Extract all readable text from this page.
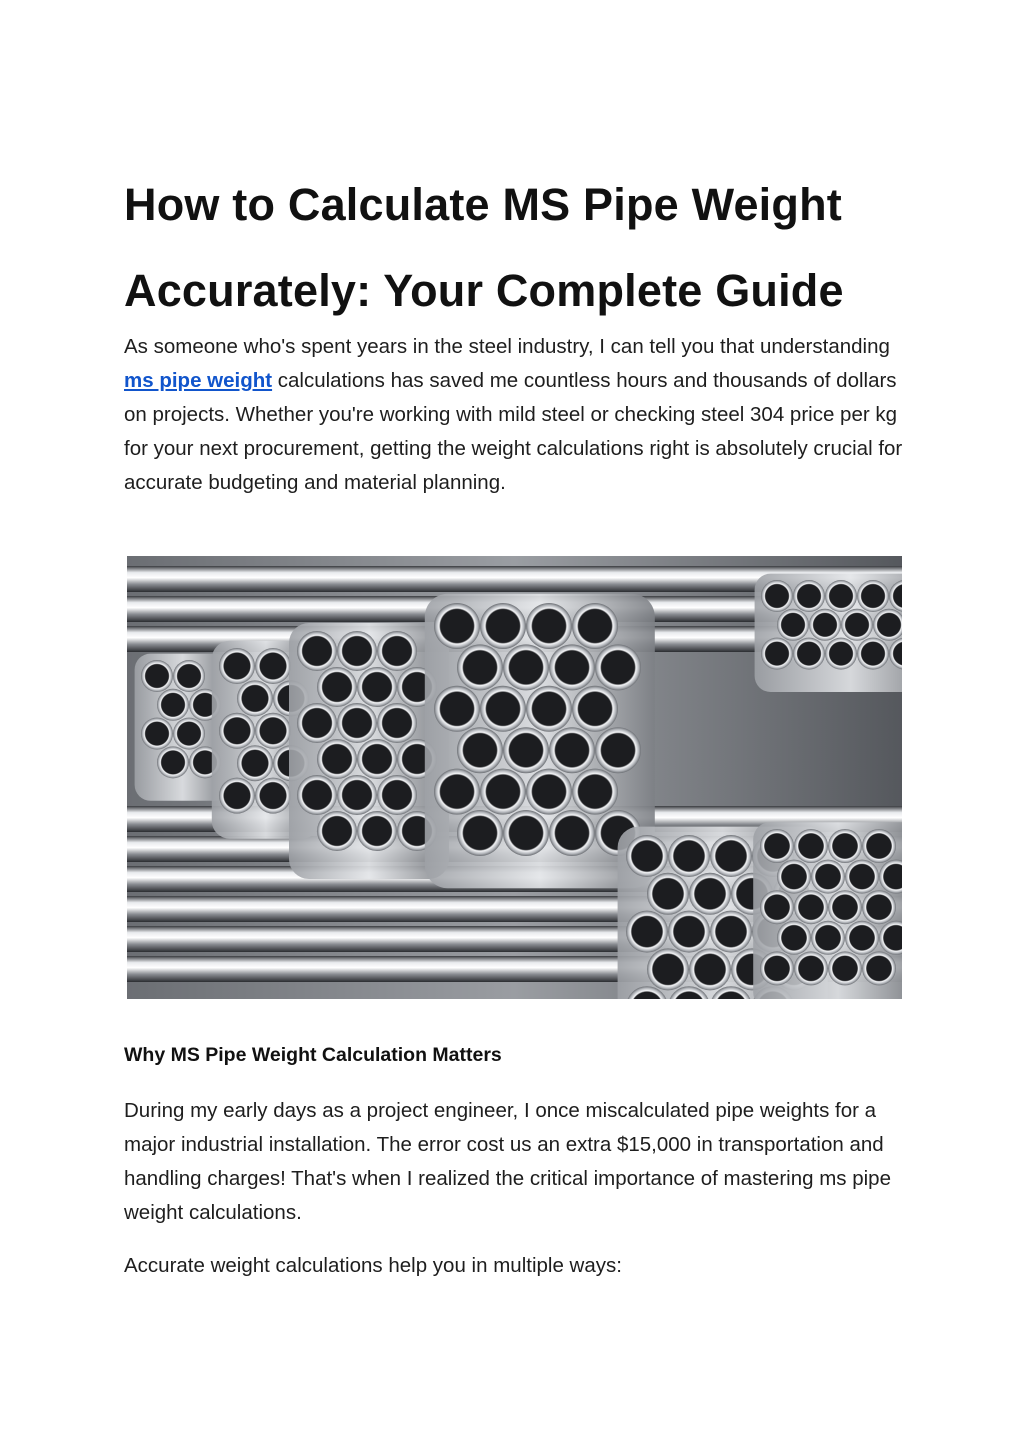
How to Calculate MS Pipe Weight Accurately: Your Complete Guide

As someone who's spent years in the steel industry, I can tell you that understanding ms pipe weight calculations has saved me countless hours and thousands of dollars on projects. Whether you're working with mild steel or checking steel 304 price per kg for your next procurement, getting the weight calculations right is absolutely crucial for accurate budgeting and material planning.

Why MS Pipe Weight Calculation Matters

During my early days as a project engineer, I once miscalculated pipe weights for a major industrial installation. The error cost us an extra $15,000 in transportation and handling charges! That's when I realized the critical importance of mastering ms pipe weight calculations.

Accurate weight calculations help you in multiple ways:
